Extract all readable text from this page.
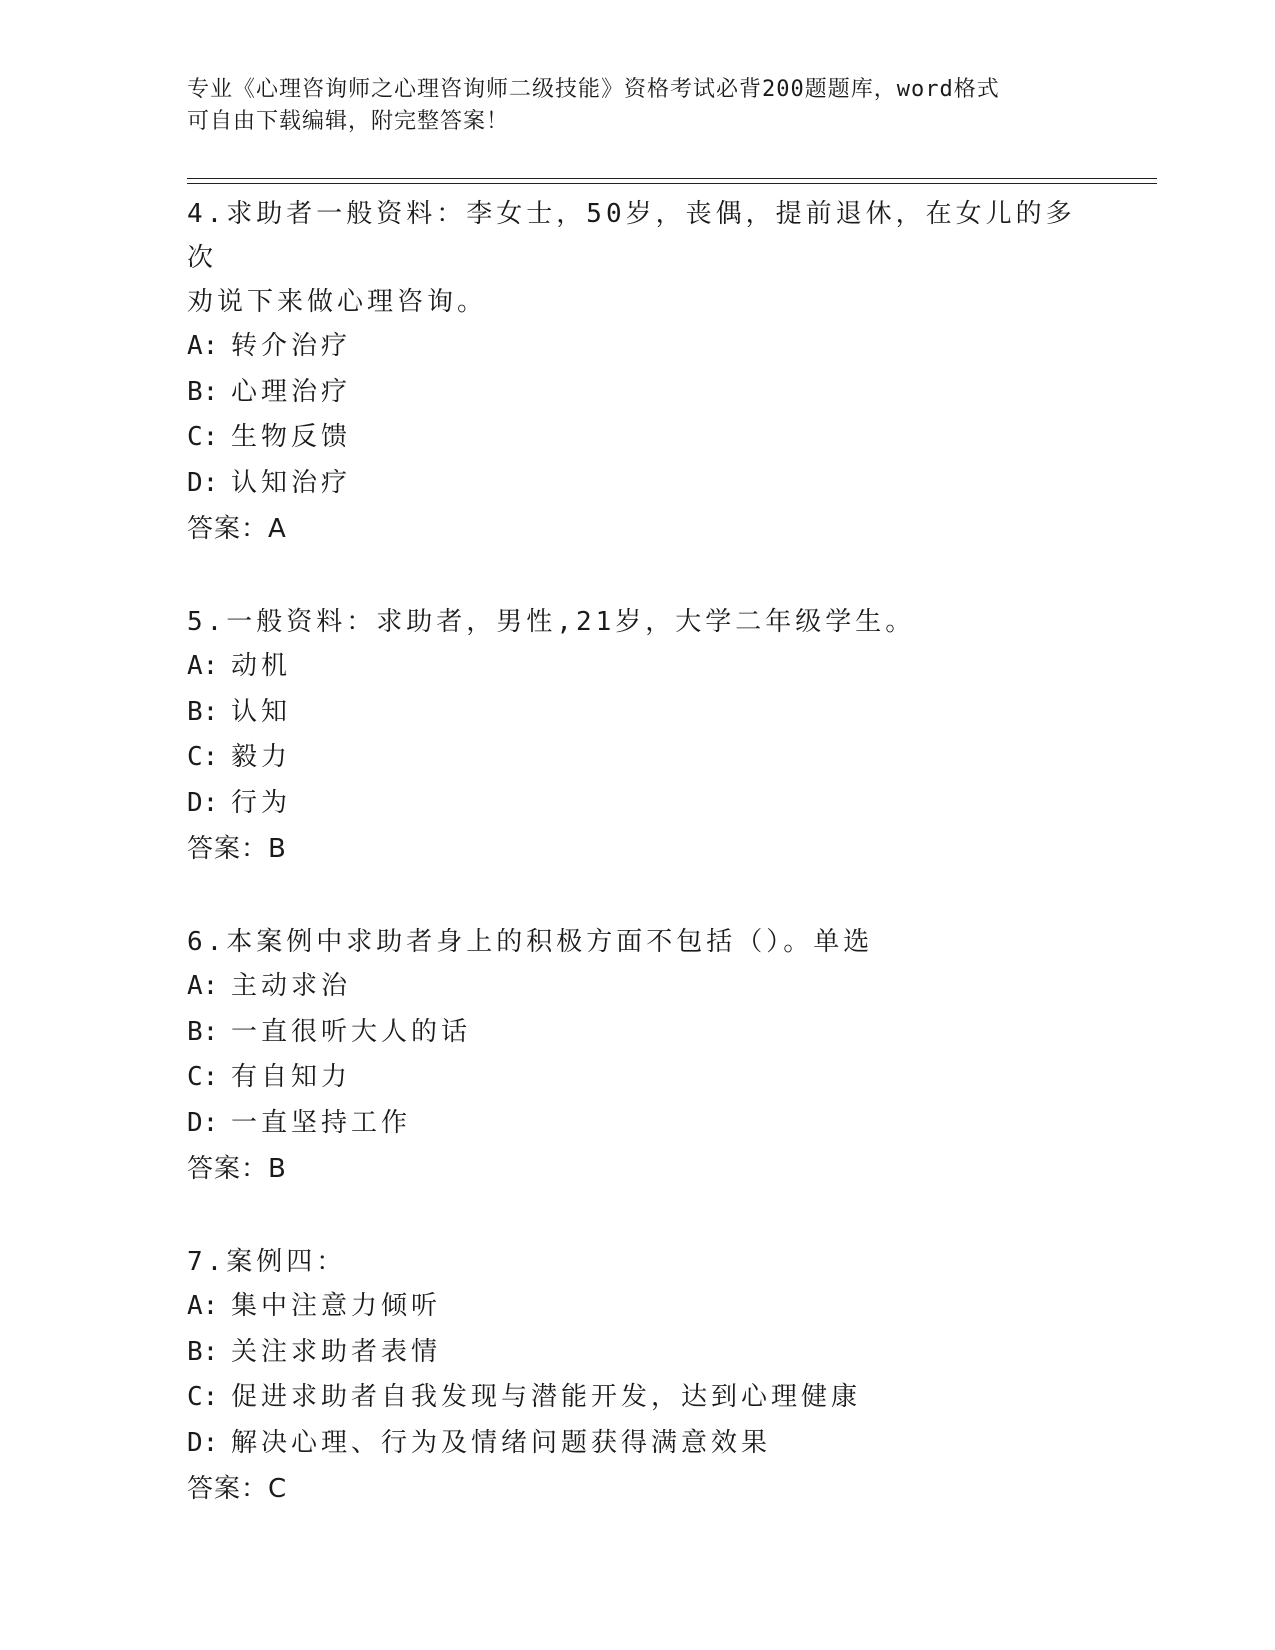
专业《心理咨询师之心理咨询师二级技能》资格考试必背200题题库，word格式
可自由下载编辑，附完整答案！

4.求助者一般资料：李女士，50岁，丧偶，提前退休，在女儿的多次
劝说下来做心理咨询。

A: 转介治疗

B: 心理治疗

C: 生物反馈

D: 认知治疗

答案：A

5.一般资料：求助者，男性,21岁，大学二年级学生。

A: 动机

B: 认知

C: 毅力

D: 行为

答案：B

6.本案例中求助者身上的积极方面不包括（）。单选

A: 主动求治

B: 一直很听大人的话

C: 有自知力

D: 一直坚持工作

答案：B

7.案例四：

A: 集中注意力倾听

B: 关注求助者表情

C: 促进求助者自我发现与潜能开发，达到心理健康

D: 解决心理、行为及情绪问题获得满意效果

答案：C
